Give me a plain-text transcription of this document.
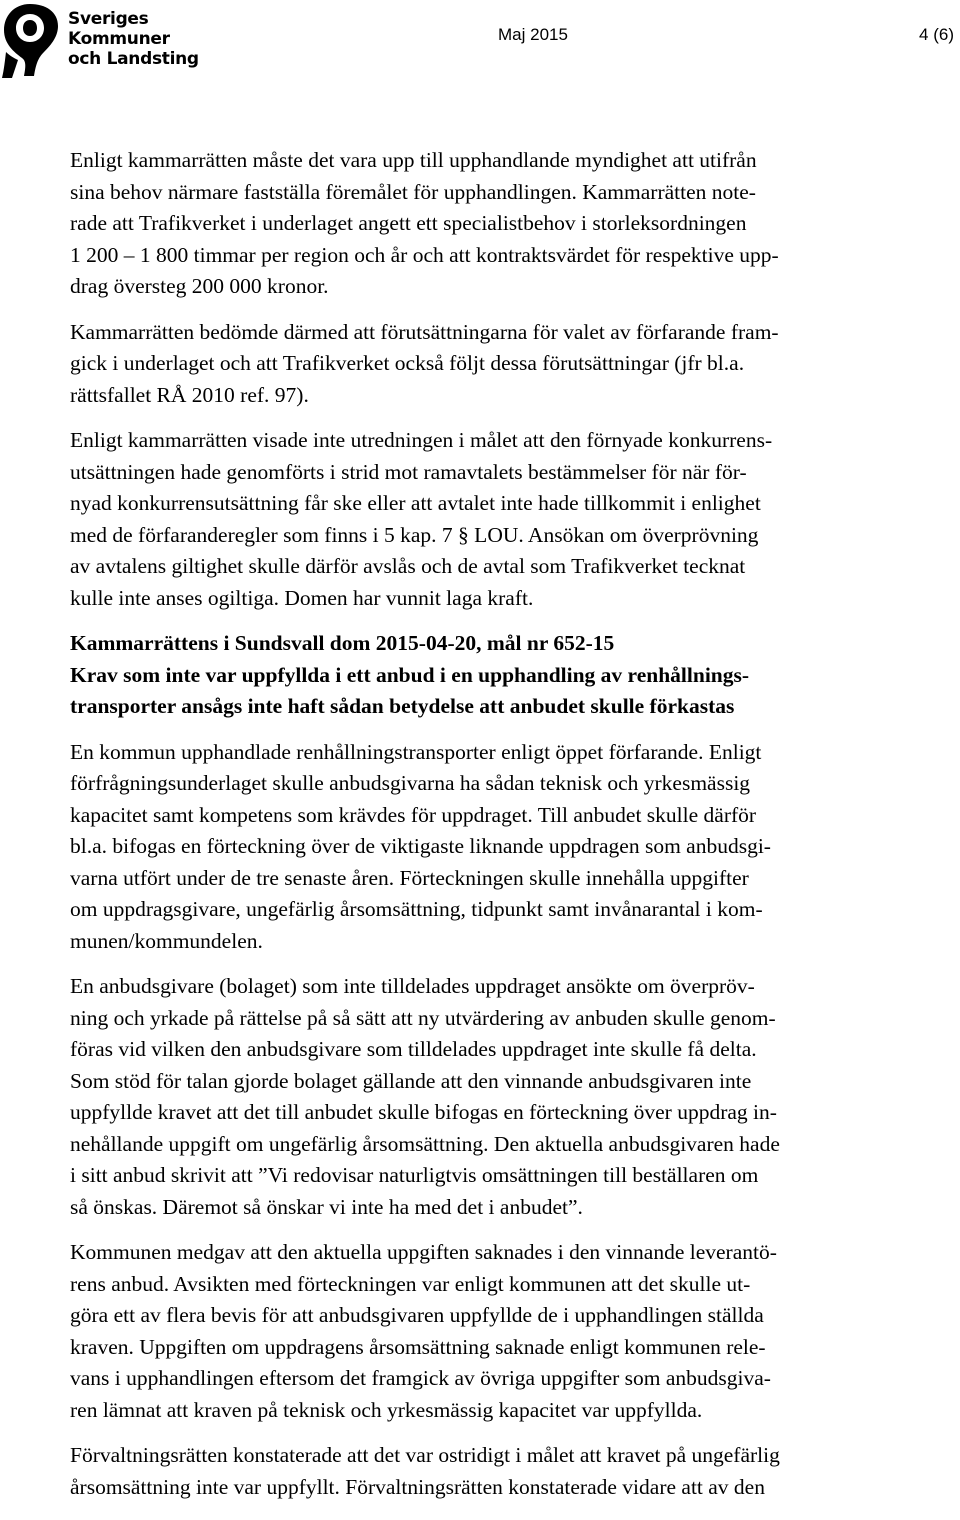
Sveriges
Kommuner
och Landsting
Maj 2015	4 (6)

Enligt kammarrätten måste det vara upp till upphandlande myndighet att utifrån
sina behov närmare fastställa föremålet för upphandlingen. Kammarrätten note-
rade att Trafikverket i underlaget angett ett specialistbehov i storleksordningen
1 200 – 1 800 timmar per region och år och att kontraktsvärdet för respektive upp-
drag översteg 200 000 kronor.

Kammarrätten bedömde därmed att förutsättningarna för valet av förfarande fram-
gick i underlaget och att Trafikverket också följt dessa förutsättningar (jfr bl.a.
rättsfallet RÅ 2010 ref. 97).

Enligt kammarrätten visade inte utredningen i målet att den förnyade konkurrens-
utsättningen hade genomförts i strid mot ramavtalets bestämmelser för när för-
nyad konkurrensutsättning får ske eller att avtalet inte hade tillkommit i enlighet
med de förfaranderegler som finns i 5 kap. 7 § LOU. Ansökan om överprövning
av avtalens giltighet skulle därför avslås och de avtal som Trafikverket tecknat
kulle inte anses ogiltiga. Domen har vunnit laga kraft.

Kammarrättens i Sundsvall dom 2015-04-20, mål nr 652-15

Krav som inte var uppfyllda i ett anbud i en upphandling av renhållnings-
transporter ansågs inte haft sådan betydelse att anbudet skulle förkastas

En kommun upphandlade renhållningstransporter enligt öppet förfarande. Enligt
förfrågningsunderlaget skulle anbudsgivarna ha sådan teknisk och yrkesmässig
kapacitet samt kompetens som krävdes för uppdraget. Till anbudet skulle därför
bl.a. bifogas en förteckning över de viktigaste liknande uppdragen som anbudsgi-
varna utfört under de tre senaste åren. Förteckningen skulle innehålla uppgifter
om uppdragsgivare, ungefärlig årsomsättning, tidpunkt samt invånarantal i kom-
munen/kommundelen.

En anbudsgivare (bolaget) som inte tilldelades uppdraget ansökte om överpröv-
ning och yrkade på rättelse på så sätt att ny utvärdering av anbuden skulle genom-
föras vid vilken den anbudsgivare som tilldelades uppdraget inte skulle få delta.
Som stöd för talan gjorde bolaget gällande att den vinnande anbudsgivaren inte
uppfyllde kravet att det till anbudet skulle bifogas en förteckning över uppdrag in-
nehållande uppgift om ungefärlig årsomsättning. Den aktuella anbudsgivaren hade
i sitt anbud skrivit att ”Vi redovisar naturligtvis omsättningen till beställaren om
så önskas. Däremot så önskar vi inte ha med det i anbudet”.

Kommunen medgav att den aktuella uppgiften saknades i den vinnande leverantö-
rens anbud. Avsikten med förteckningen var enligt kommunen att det skulle ut-
göra ett av flera bevis för att anbudsgivaren uppfyllde de i upphandlingen ställda
kraven. Uppgiften om uppdragens årsomsättning saknade enligt kommunen rele-
vans i upphandlingen eftersom det framgick av övriga uppgifter som anbudsgiva-
ren lämnat att kraven på teknisk och yrkesmässig kapacitet var uppfyllda.

Förvaltningsrätten konstaterade att det var ostridigt i målet att kravet på ungefärlig
årsomsättning inte var uppfyllt. Förvaltningsrätten konstaterade vidare att av den
